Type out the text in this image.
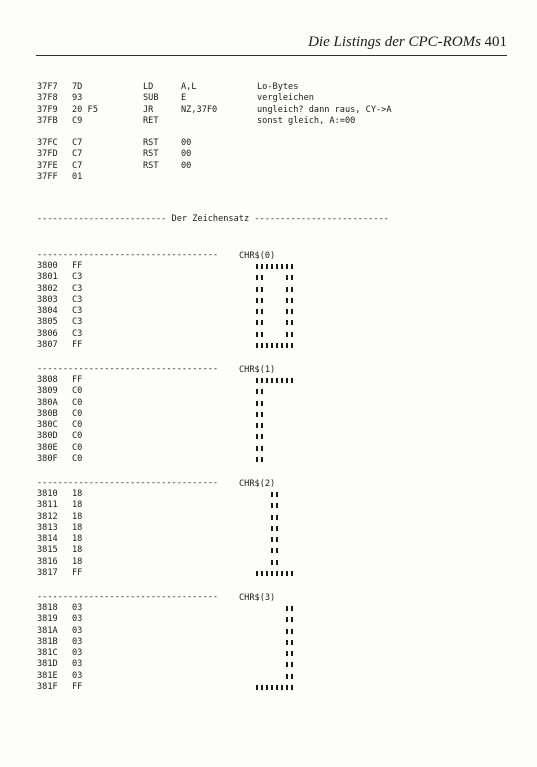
Die Listings der CPC-ROMs 401
37F7 7D	LD	A,L	Lo-Bytes
37F8 93	SUB	E	vergleichen
37F9 20 F5	JR	NZ,37F0	ungleich? dann raus, CY->A
37FB C9	RET	sonst gleich, A:=00
37FC C7	RST	00
37FD C7	RST	00
37FE C7	RST	00
37FF 01
------------------------- Der Zeichensatz --------------------------
-----------------------------------	CHR$(0)
3800 FF
3801 C3
3802 C3
3803 C3
3804 C3
3805 C3
3806 C3
3807 FF
-----------------------------------	CHR$(1)
3808 FF
3809 C0
380A C0
380B C0
380C C0
380D C0
380E C0
380F C0
-----------------------------------	CHR$(2)
3810 18
3811 18
3812 18
3813 18
3814 18
3815 18
3816 18
3817 FF
-----------------------------------	CHR$(3)
3818 03
3819 03
381A 03
381B 03
381C 03
381D 03
381E 03
381F FF
